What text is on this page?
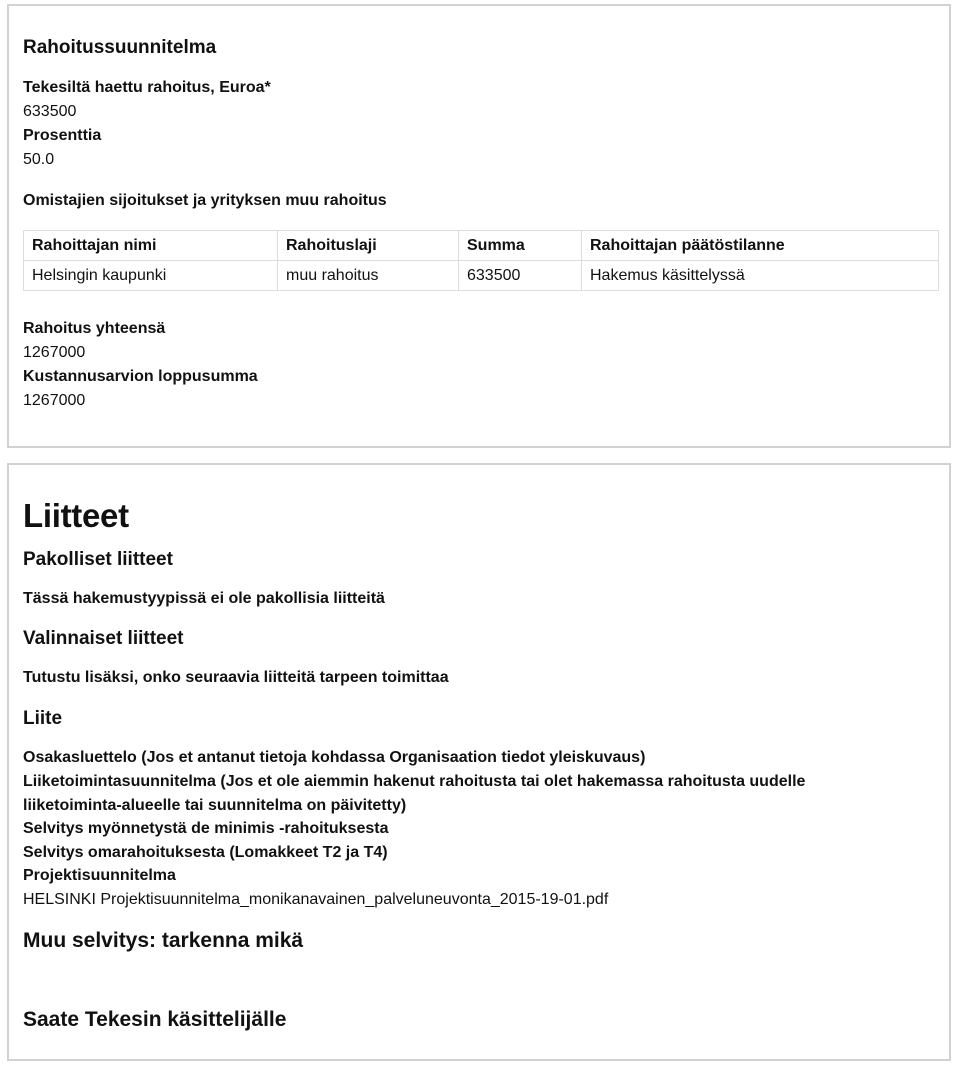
Rahoitussuunnitelma
Tekesiltä haettu rahoitus, Euroa*
633500
Prosenttia
50.0
Omistajien sijoitukset ja yrityksen muu rahoitus
Rahoittajan nimi	Rahoituslaji	Summa	Rahoittajan päätöstilanne
Helsingin kaupunki	muu rahoitus	633500	Hakemus käsittelyssä
Rahoitus yhteensä
1267000
Kustannusarvion loppusumma
1267000
Liitteet
Pakolliset liitteet
Tässä hakemustyypissä ei ole pakollisia liitteitä
Valinnaiset liitteet
Tutustu lisäksi, onko seuraavia liitteitä tarpeen toimittaa
Liite
Osakasluettelo (Jos et antanut tietoja kohdassa Organisaation tiedot yleiskuvaus)
Liiketoimintasuunnitelma (Jos et ole aiemmin hakenut rahoitusta tai olet hakemassa rahoitusta uudelle
liiketoiminta-alueelle tai suunnitelma on päivitetty)
Selvitys myönnetystä de minimis -rahoituksesta
Selvitys omarahoituksesta (Lomakkeet T2 ja T4)
Projektisuunnitelma
HELSINKI Projektisuunnitelma_monikanavainen_palveluneuvonta_2015-19-01.pdf
Muu selvitys: tarkenna mikä
Saate Tekesin käsittelijälle
